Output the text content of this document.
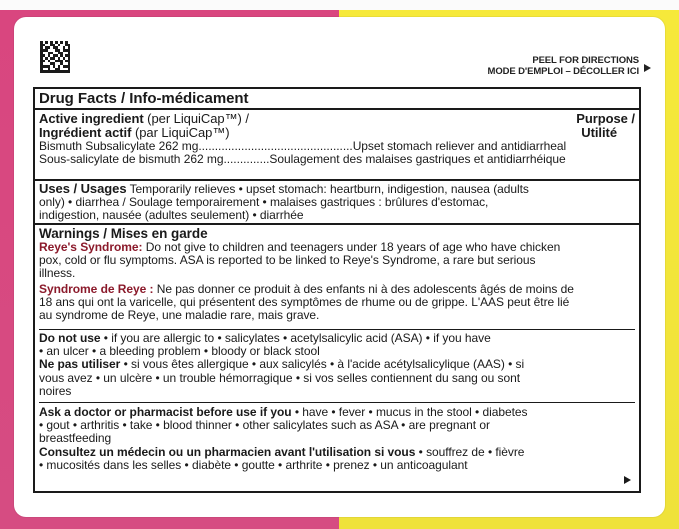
PEEL FOR DIRECTIONS
MODE D'EMPLOI – DÉCOLLER ICI
Drug Facts / Info-médicament
Active ingredient (per LiquiCap™) /	Purpose /
Ingrédient actif (par LiquiCap™)	Utilité
Bismuth Subsalicylate 262 mg...............................................Upset stomach reliever and antidiarrheal
Sous-salicylate de bismuth 262 mg..............Soulagement des malaises gastriques et antidiarrhéique
Uses / Usages Temporarily relieves • upset stomach: heartburn, indigestion, nausea (adults
only) • diarrhea / Soulage temporairement • malaises gastriques : brûlures d'estomac,
indigestion, nausée (adultes seulement) • diarrhée
Warnings / Mises en garde
Reye's Syndrome: Do not give to children and teenagers under 18 years of age who have chicken
pox, cold or flu symptoms. ASA is reported to be linked to Reye's Syndrome, a rare but serious
illness.
Syndrome de Reye : Ne pas donner ce produit à des enfants ni à des adolescents âgés de moins de
18 ans qui ont la varicelle, qui présentent des symptômes de rhume ou de grippe. L'AAS peut être lié
au syndrome de Reye, une maladie rare, mais grave.
Do not use • if you are allergic to • salicylates • acetylsalicylic acid (ASA) • if you have
• an ulcer • a bleeding problem • bloody or black stool
Ne pas utiliser • si vous êtes allergique • aux salicylés • à l'acide acétylsalicylique (AAS) • si
vous avez • un ulcère • un trouble hémorragique • si vos selles contiennent du sang ou sont
noires
Ask a doctor or pharmacist before use if you • have • fever • mucus in the stool • diabetes
• gout • arthritis • take • blood thinner • other salicylates such as ASA • are pregnant or
breastfeeding
Consultez un médecin ou un pharmacien avant l'utilisation si vous • souffrez de • fièvre
• mucosités dans les selles • diabète • goutte • arthrite • prenez • un anticoagulant
